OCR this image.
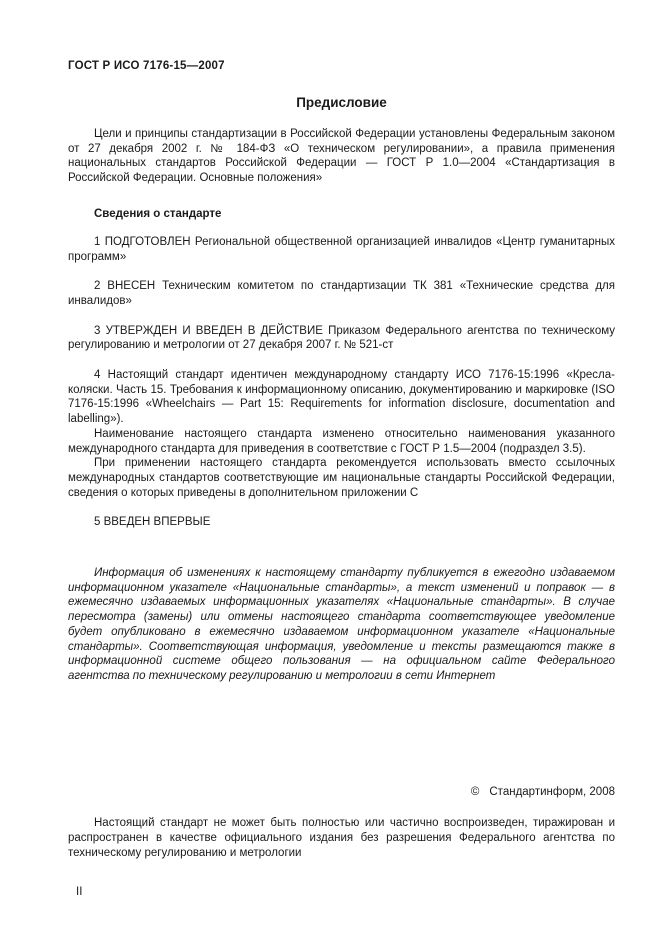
ГОСТ Р ИСО 7176-15—2007
Предисловие

Цели и принципы стандартизации в Российской Федерации установлены Федеральным законом от 27 декабря 2002 г. № 184-ФЗ «О техническом регулировании», а правила применения национальных стандартов Российской Федерации — ГОСТ Р 1.0—2004 «Стандартизация в Российской Федерации. Основные положения»

Сведения о стандарте

1 ПОДГОТОВЛЕН Региональной общественной организацией инвалидов «Центр гуманитарных программ»

2 ВНЕСЕН Техническим комитетом по стандартизации ТК 381 «Технические средства для инвалидов»

3 УТВЕРЖДЕН И ВВЕДЕН В ДЕЙСТВИЕ Приказом Федерального агентства по техническому регулированию и метрологии от 27 декабря 2007 г. № 521-ст

4 Настоящий стандарт идентичен международному стандарту ИСО 7176-15:1996 «Кресла-коляски. Часть 15. Требования к информационному описанию, документированию и маркировке (ISO 7176-15:1996 «Wheelchairs — Part 15: Requirements for information disclosure, documentation and labelling»).

Наименование настоящего стандарта изменено относительно наименования указанного международного стандарта для приведения в соответствие с ГОСТ Р 1.5—2004 (подраздел 3.5).

При применении настоящего стандарта рекомендуется использовать вместо ссылочных международных стандартов соответствующие им национальные стандарты Российской Федерации, сведения о которых приведены в дополнительном приложении С

5 ВВЕДЕН ВПЕРВЫЕ

Информация об изменениях к настоящему стандарту публикуется в ежегодно издаваемом информационном указателе «Национальные стандарты», а текст изменений и поправок — в ежемесячно издаваемых информационных указателях «Национальные стандарты». В случае пересмотра (замены) или отмены настоящего стандарта соответствующее уведомление будет опубликовано в ежемесячно издаваемом информационном указателе «Национальные стандарты». Соответствующая информация, уведомление и тексты размещаются также в информационной системе общего пользования — на официальном сайте Федерального агентства по техническому регулированию и метрологии в сети Интернет

© Стандартинформ, 2008

Настоящий стандарт не может быть полностью или частично воспроизведен, тиражирован и распространен в качестве официального издания без разрешения Федерального агентства по техническому регулированию и метрологии

II
